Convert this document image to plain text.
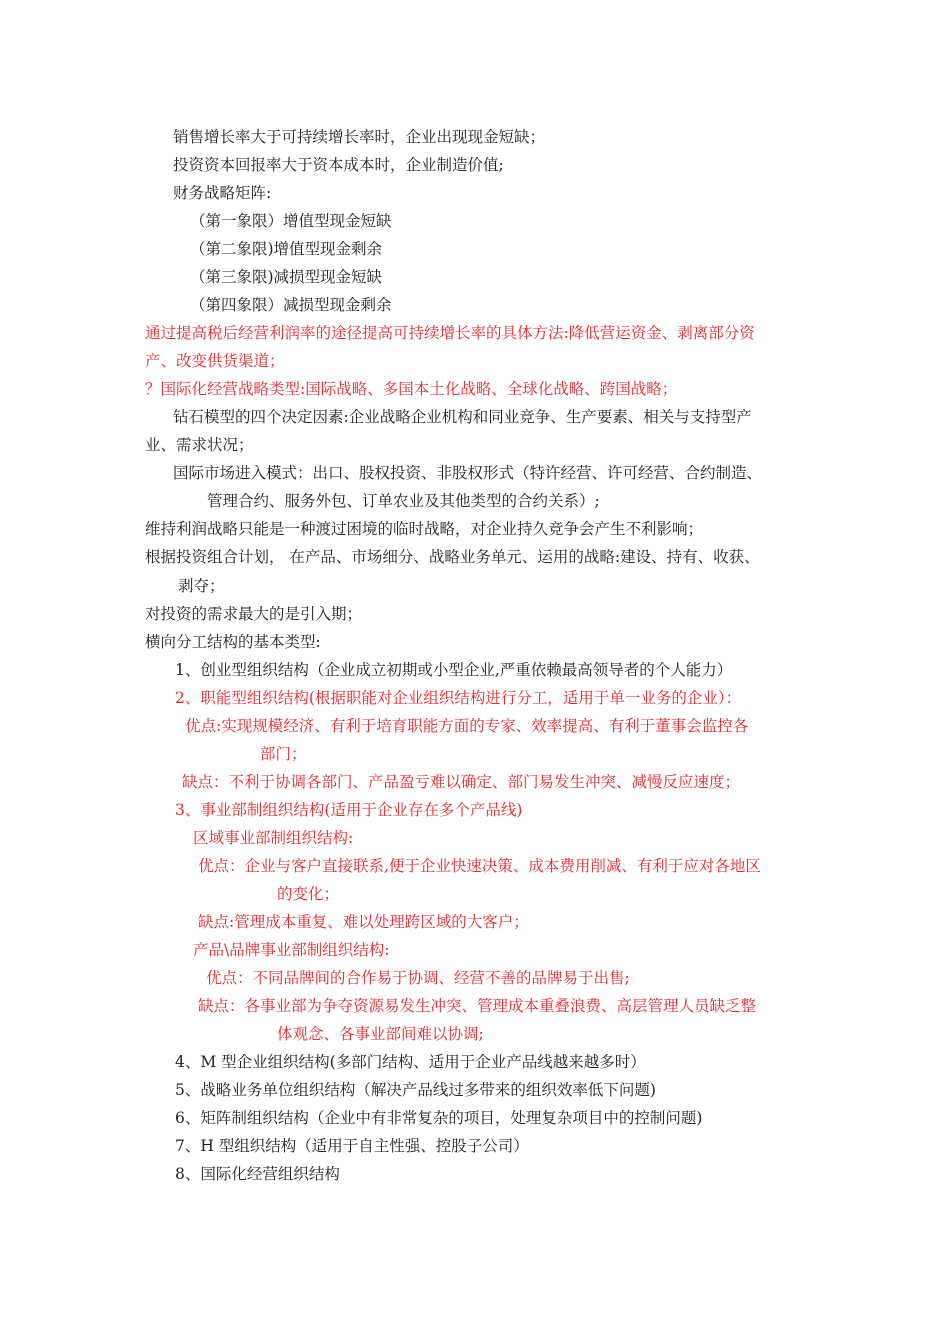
销售增长率大于可持续增长率时，企业出现现金短缺；
投资资本回报率大于资本成本时，企业制造价值;
财务战略矩阵:
（第一象限）增值型现金短缺
（第二象限)增值型现金剩余
（第三象限)减损型现金短缺
（第四象限）减损型现金剩余
通过提高税后经营利润率的途径提高可持续增长率的具体方法:降低营运资金、剥离部分资
产、改变供货渠道；
？国际化经营战略类型:国际战略、多国本土化战略、全球化战略、跨国战略；
钻石模型的四个决定因素:企业战略企业机构和同业竞争、生产要素、相关与支持型产
业、需求状况；
国际市场进入模式：出口、股权投资、非股权形式（特许经营、许可经营、合约制造、
管理合约、服务外包、订单农业及其他类型的合约关系）;
维持利润战略只能是一种渡过困境的临时战略，对企业持久竞争会产生不利影响；
根据投资组合计划， 在产品、市场细分、战略业务单元、运用的战略:建设、持有、收获、
剥夺；
对投资的需求最大的是引入期；
横向分工结构的基本类型:
1、创业型组织结构（企业成立初期或小型企业,严重依赖最高领导者的个人能力）
2、职能型组织结构(根据职能对企业组织结构进行分工，适用于单一业务的企业）：
优点:实现规模经济、有利于培育职能方面的专家、效率提高、有利于董事会监控各
部门；
缺点：不利于协调各部门、产品盈亏难以确定、部门易发生冲突、减慢反应速度；
3、事业部制组织结构(适用于企业存在多个产品线)
区域事业部制组织结构:
优点：企业与客户直接联系,便于企业快速决策、成本费用削减、有利于应对各地区
的变化；
缺点:管理成本重复、难以处理跨区域的大客户；
产品\品牌事业部制组织结构:
优点：不同品牌间的合作易于协调、经营不善的品牌易于出售;
缺点：各事业部为争夺资源易发生冲突、管理成本重叠浪费、高层管理人员缺乏整
体观念、各事业部间难以协调;
4、M 型企业组织结构(多部门结构、适用于企业产品线越来越多时）
5、战略业务单位组织结构（解决产品线过多带来的组织效率低下问题)
6、矩阵制组织结构（企业中有非常复杂的项目，处理复杂项目中的控制问题)
7、H 型组织结构（适用于自主性强、控股子公司）
8、国际化经营组织结构
